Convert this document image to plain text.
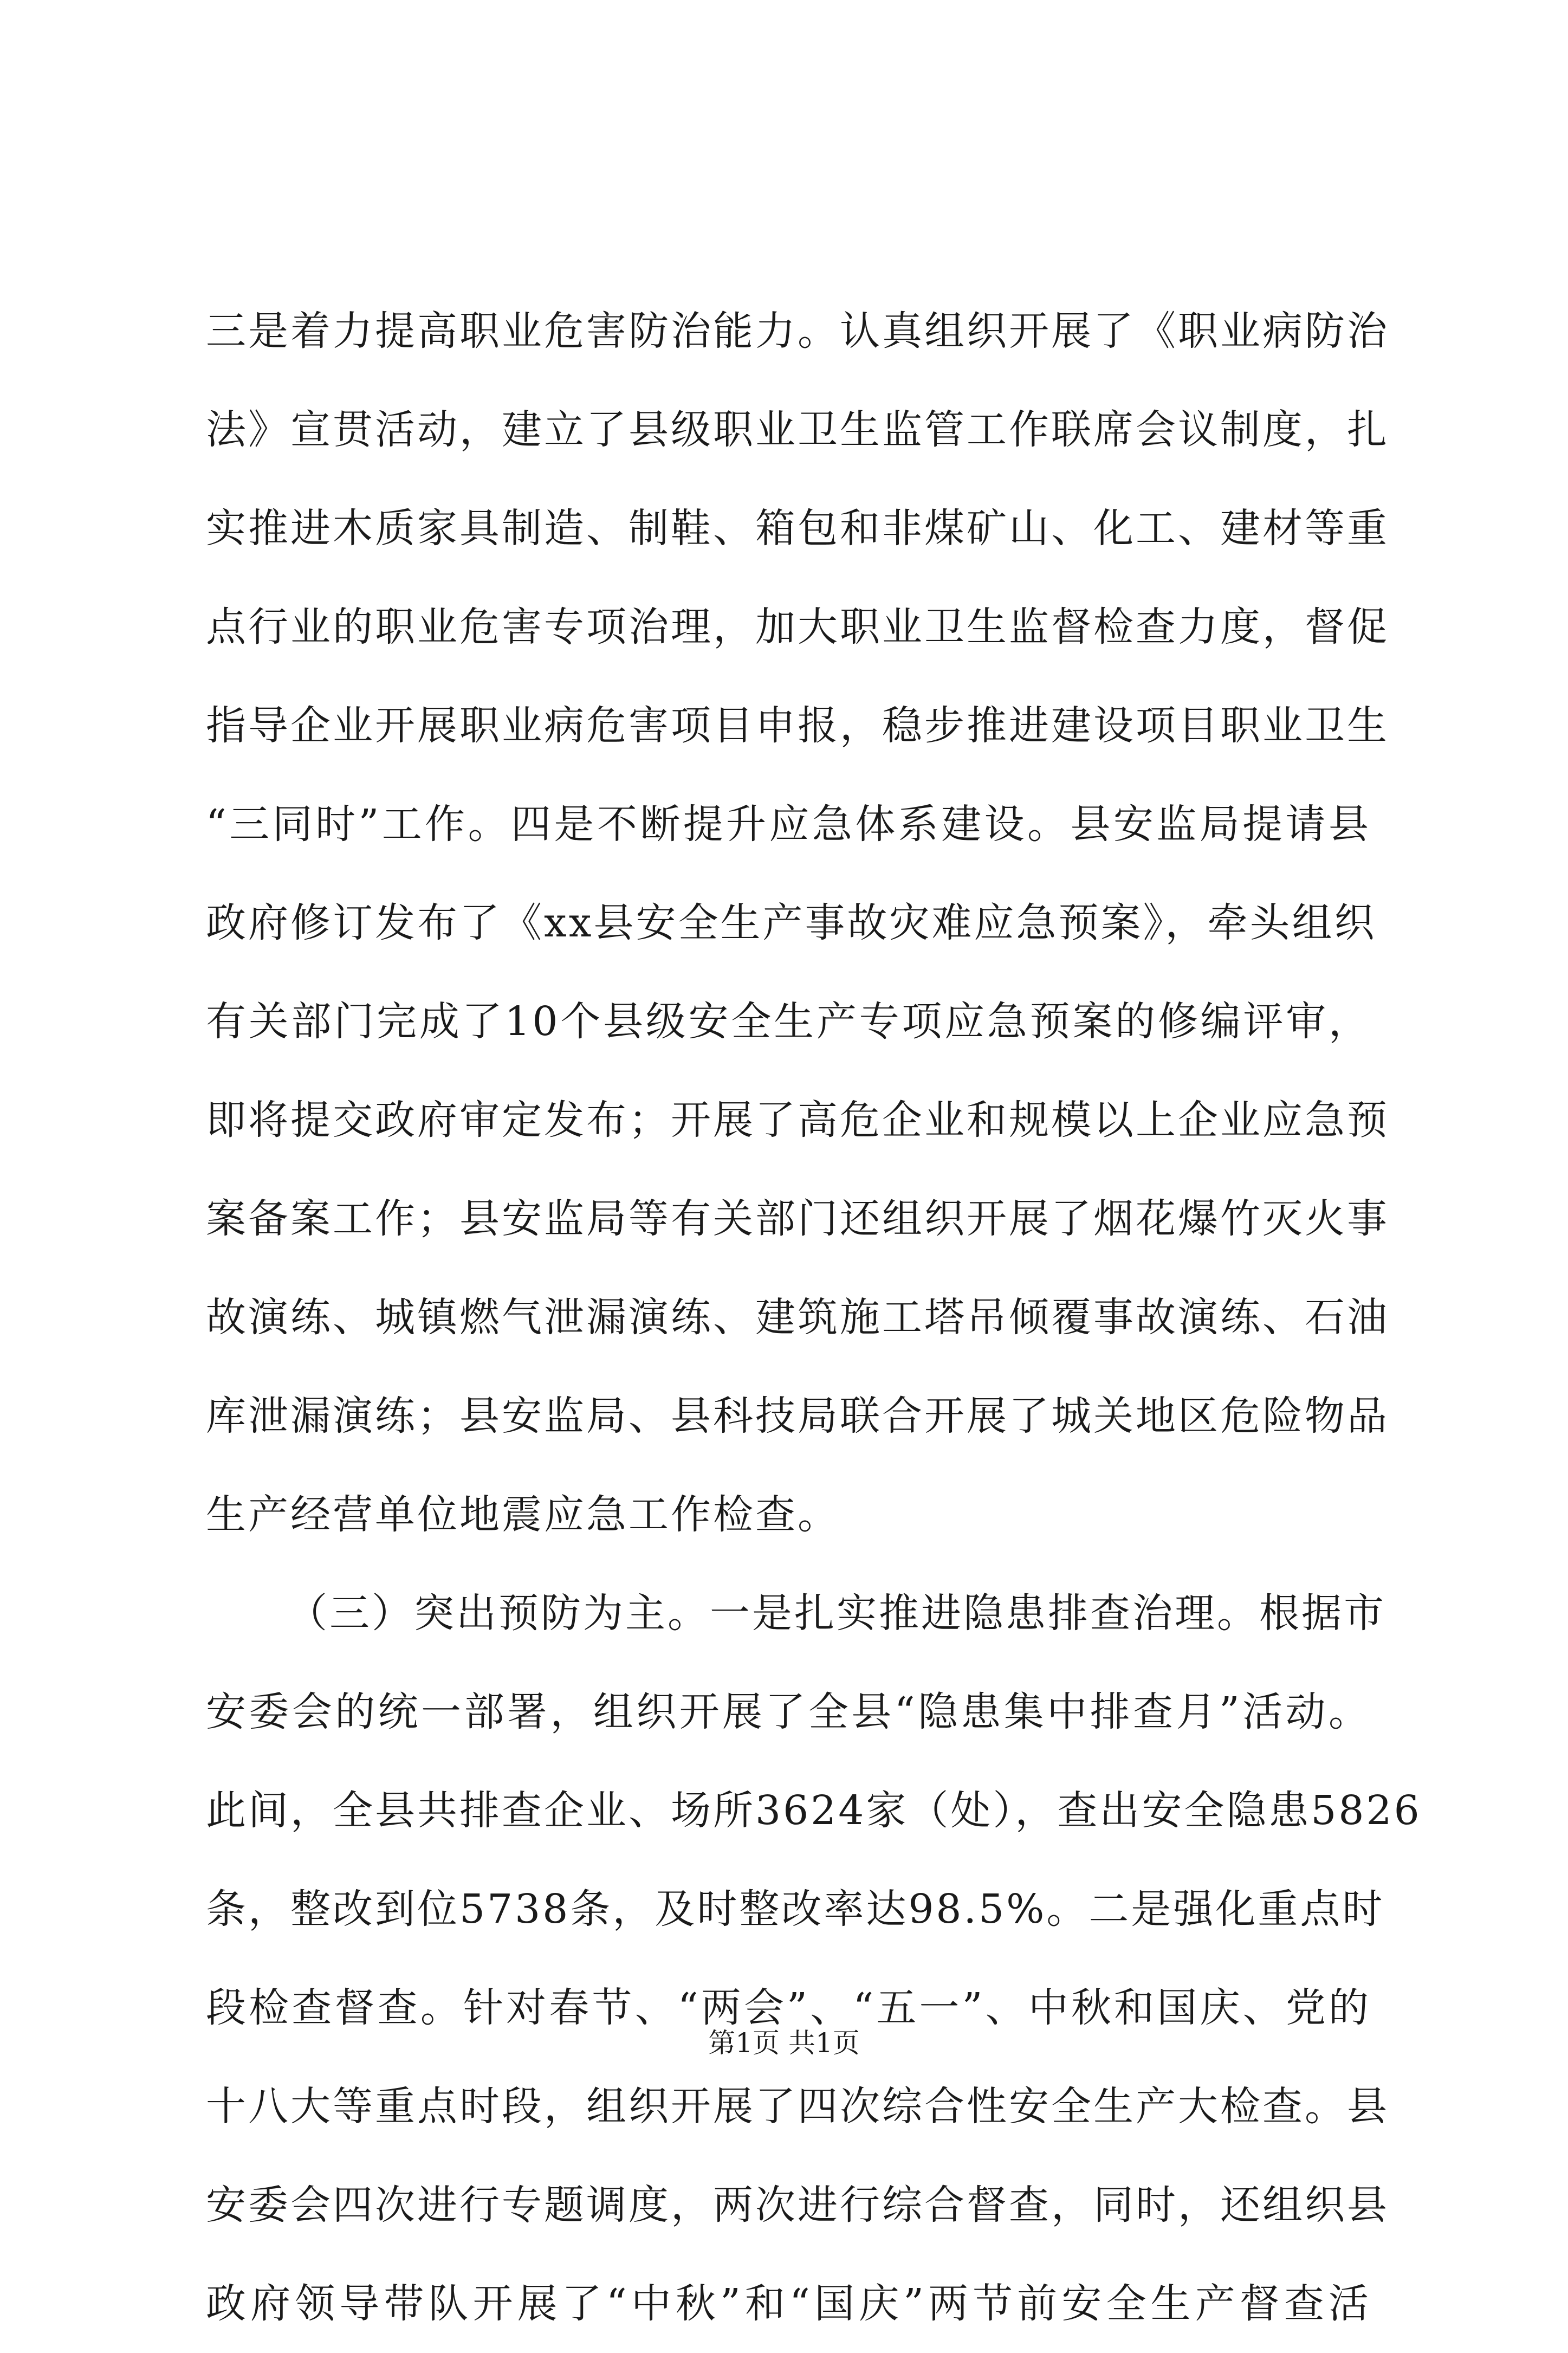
三是着力提高职业危害防治能力。认真组织开展了《职业病防治
法》宣贯活动，建立了县级职业卫生监管工作联席会议制度，扎
实推进木质家具制造、制鞋、箱包和非煤矿山、化工、建材等重
点行业的职业危害专项治理，加大职业卫生监督检查力度，督促
指导企业开展职业病危害项目申报，稳步推进建设项目职业卫生
“三同时”工作。四是不断提升应急体系建设。县安监局提请县
政府修订发布了《xx县安全生产事故灾难应急预案》，牵头组织
有关部门完成了10个县级安全生产专项应急预案的修编评审，
即将提交政府审定发布；开展了高危企业和规模以上企业应急预
案备案工作；县安监局等有关部门还组织开展了烟花爆竹灭火事
故演练、城镇燃气泄漏演练、建筑施工塔吊倾覆事故演练、石油
库泄漏演练；县安监局、县科技局联合开展了城关地区危险物品
生产经营单位地震应急工作检查。
（三）突出预防为主。一是扎实推进隐患排查治理。根据市
安委会的统一部署，组织开展了全县“隐患集中排查月”活动。
此间，全县共排查企业、场所3624家（处），查出安全隐患5826
条，整改到位5738条，及时整改率达98.5%。二是强化重点时
段检查督查。针对春节、“两会”、“五一”、中秋和国庆、党的
十八大等重点时段，组织开展了四次综合性安全生产大检查。县
安委会四次进行专题调度，两次进行综合督查，同时，还组织县
政府领导带队开展了“中秋”和“国庆”两节前安全生产督查活
第1页 共1页
